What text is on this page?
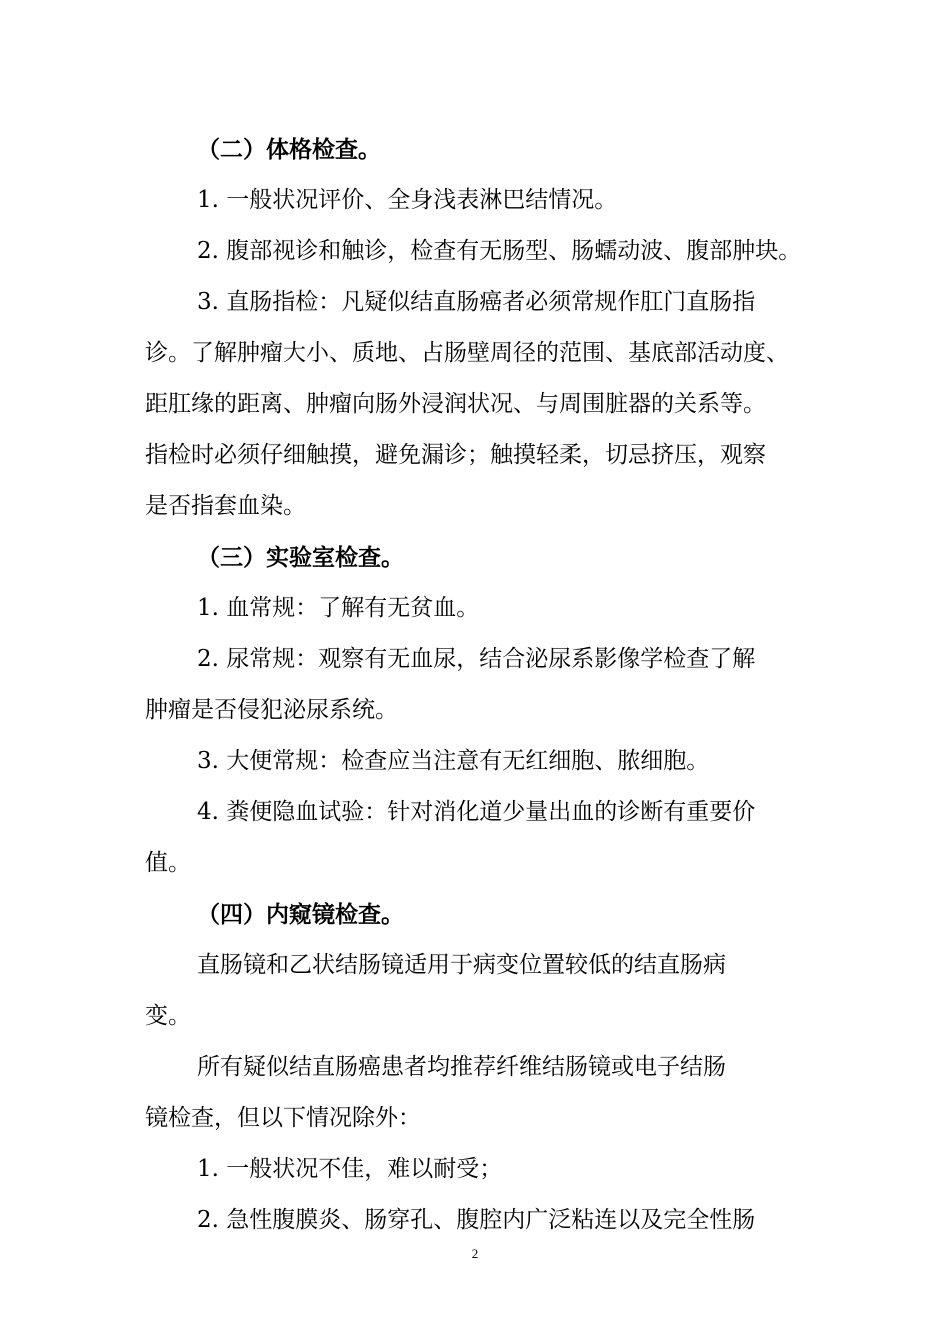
（二）体格检查。
1. 一般状况评价、全身浅表淋巴结情况。
2. 腹部视诊和触诊，检查有无肠型、肠蠕动波、腹部肿块。
3. 直肠指检：凡疑似结直肠癌者必须常规作肛门直肠指
诊。了解肿瘤大小、质地、占肠壁周径的范围、基底部活动度、
距肛缘的距离、肿瘤向肠外浸润状况、与周围脏器的关系等。
指检时必须仔细触摸，避免漏诊；触摸轻柔，切忌挤压，观察
是否指套血染。
（三）实验室检查。
1. 血常规：了解有无贫血。
2. 尿常规：观察有无血尿，结合泌尿系影像学检查了解
肿瘤是否侵犯泌尿系统。
3. 大便常规：检查应当注意有无红细胞、脓细胞。
4. 粪便隐血试验：针对消化道少量出血的诊断有重要价
值。
（四）内窥镜检查。
直肠镜和乙状结肠镜适用于病变位置较低的结直肠病
变。
所有疑似结直肠癌患者均推荐纤维结肠镜或电子结肠
镜检查，但以下情况除外：
1. 一般状况不佳，难以耐受；
2. 急性腹膜炎、肠穿孔、腹腔内广泛粘连以及完全性肠
2
